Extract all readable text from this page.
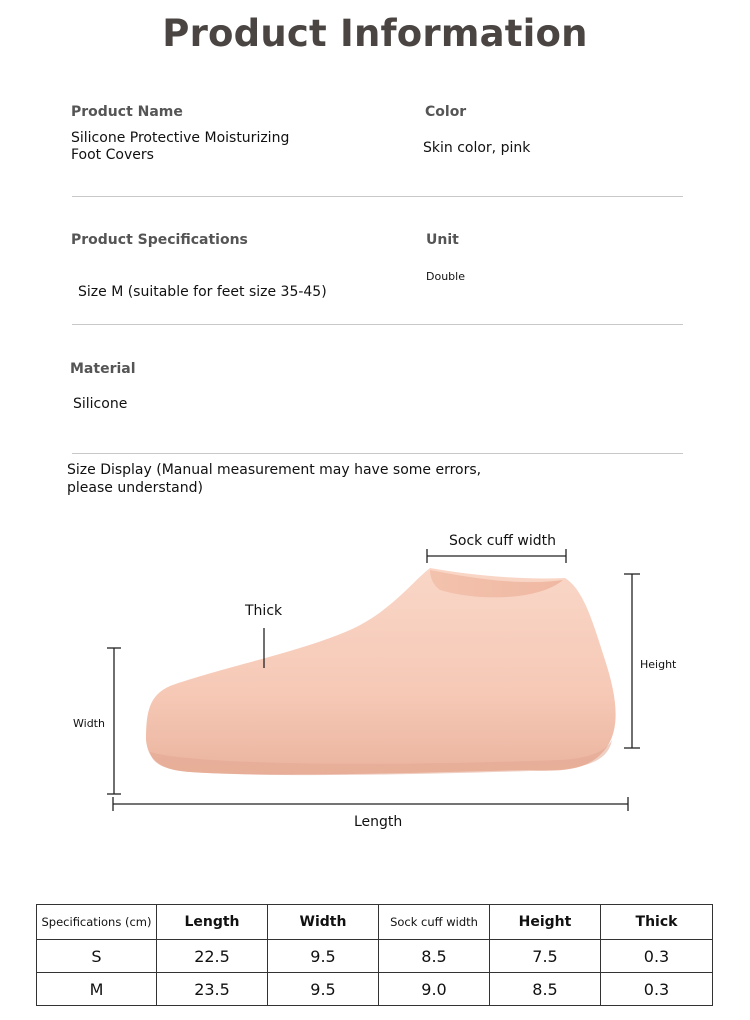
Product Information
Product Name
Silicone Protective Moisturizing Foot Covers
Color
Skin color, pink
Product Specifications
Size M (suitable for feet size 35-45)
Unit
Double
Material
Silicone
Size Display (Manual measurement may have some errors, please understand)
Sock cuff width
Thick
Width
Height
Length
Specifications (cm)	Length	Width	Sock cuff width	Height	Thick
S	22.5	9.5	8.5	7.5	0.3
M	23.5	9.5	9.0	8.5	0.3
